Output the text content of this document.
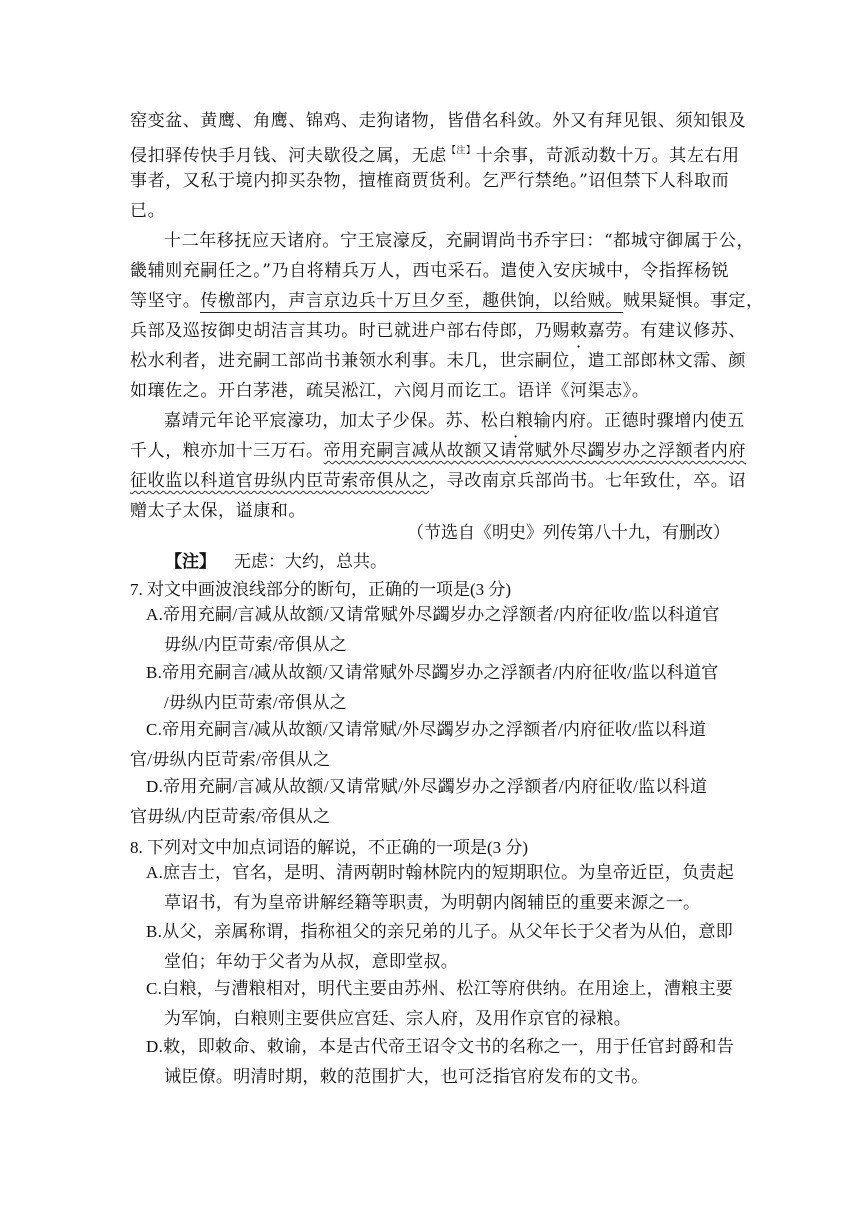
窑变盆、黄鹰、角鹰、锦鸡、走狗诸物，皆借名科敛。外又有拜见银、须知银及
侵扣驿传快手月钱、河夫歇役之属，无虑$^{【注】}$十余事，苛派动数十万。其左右用
事者，又私于境内抑买杂物，擅榷商贾货利。乞严行禁绝。”诏但禁下人科取而
已。
十二年移抚应天诸府。宁王宸濠反，充嗣谓尚书乔宇曰：“都城守御属于公，
畿辅则充嗣任之。”乃自将精兵万人，西屯采石。遣使入安庆城中，令指挥杨锐
等坚守。传檄部内，声言京边兵十万旦夕至，趣供饷，以给贼。贼果疑惧。事定，
兵部及巡按御史胡洁言其功。时已就进户部右侍郎，乃赐敕嘉劳。有建议修苏、
松水利者，进充嗣工部尚书兼领水利事。未几，世宗嗣位，遣工部郎林文霈、颜
如瓖佐之。开白茅港，疏吴淞江，六阅月而讫工。语详《河渠志》。
嘉靖元年论平宸濠功，加太子少保。苏、松白粮输内府。正德时骤增内使五
千人，粮亦加十三万石。帝用充嗣言减从故额又请常赋外尽蠲岁办之浮额者内府
征收监以科道官毋纵内臣苛索帝俱从之，寻改南京兵部尚书。七年致仕，卒。诏
赠太子太保，谥康和。
（节选自《明史》列传第八十九，有删改）
【注】 无虑：大约，总共。
7. 对文中画波浪线部分的断句，正确的一项是(3 分)
A.帝用充嗣/言减从故额/又请常赋外尽蠲岁办之浮额者/内府征收/监以科道官
毋纵/内臣苛索/帝俱从之
B.帝用充嗣言/减从故额/又请常赋外尽蠲岁办之浮额者/内府征收/监以科道官
/毋纵内臣苛索/帝俱从之
C.帝用充嗣言/减从故额/又请常赋/外尽蠲岁办之浮额者/内府征收/监以科道
官/毋纵内臣苛索/帝俱从之
D.帝用充嗣/言减从故额/又请常赋/外尽蠲岁办之浮额者/内府征收/监以科道
官毋纵/内臣苛索/帝俱从之
8. 下列对文中加点词语的解说，不正确的一项是(3 分)
A.庶吉士，官名，是明、清两朝时翰林院内的短期职位。为皇帝近臣，负责起
草诏书，有为皇帝讲解经籍等职责，为明朝内阁辅臣的重要来源之一。
B.从父，亲属称谓，指称祖父的亲兄弟的儿子。从父年长于父者为从伯，意即
堂伯；年幼于父者为从叔，意即堂叔。
C.白粮，与漕粮相对，明代主要由苏州、松江等府供纳。在用途上，漕粮主要
为军饷，白粮则主要供应宫廷、宗人府，及用作京官的禄粮。
D.敕，即敕命、敕谕，本是古代帝王诏令文书的名称之一，用于任官封爵和告
诫臣僚。明清时期，敕的范围扩大，也可泛指官府发布的文书。
